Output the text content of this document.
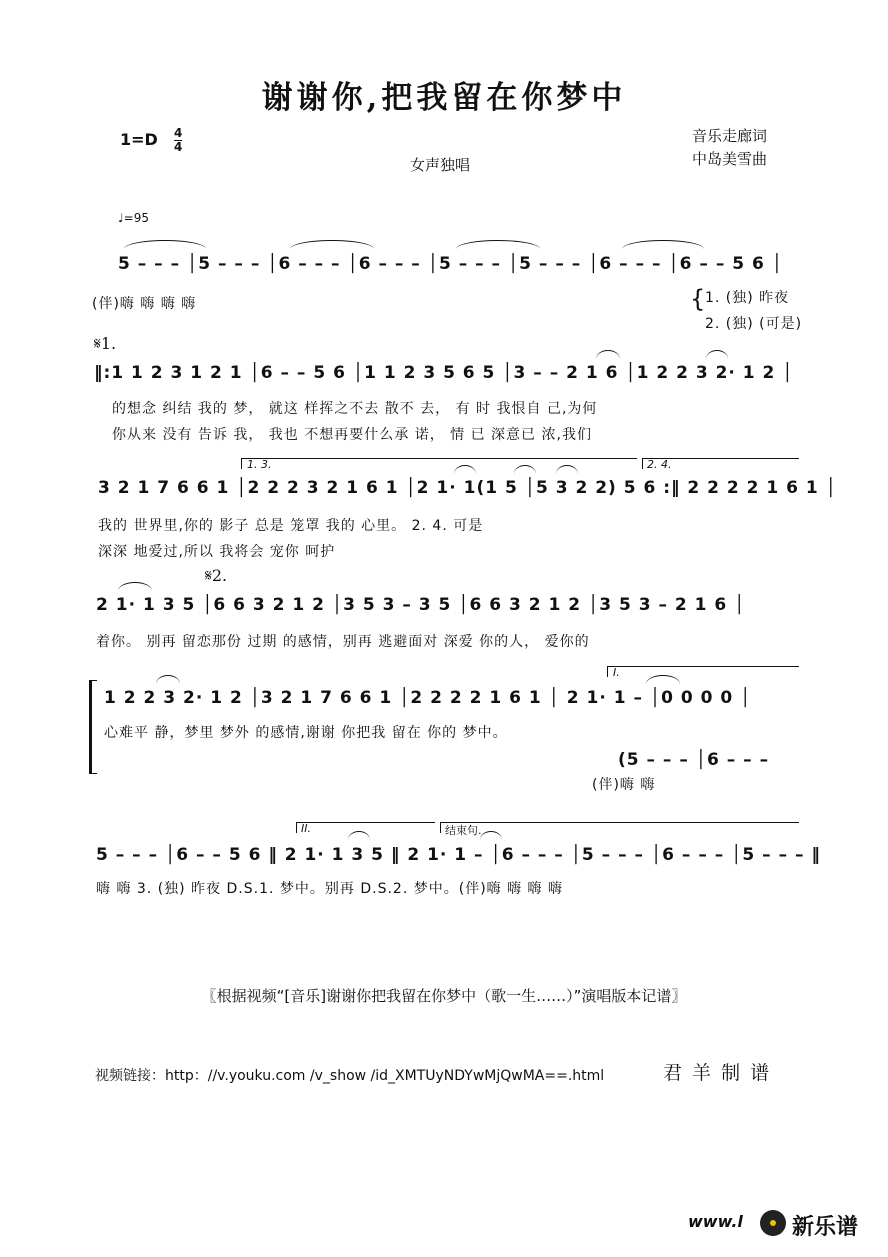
谢谢你,把我留在你梦中
1=D 4
4
女声独唱
音乐走廊词
中岛美雪曲
♩=95
5 – – – │5 – – – │6 – – – │6 – – – │5 – – – │5 – – – │6 – – – │6 – – 5 6 │
(伴)嗨 嗨 嗨 嗨	{ 1. (独) 昨夜
2. (独) (可是)
𝄋1.
‖:1 1 2 3 1 2 1 │6 – – 5 6 │1 1 2 3 5 6 5 │3 – – 2 1 6 │1 2 2 3 2· 1 2 │
的想念 纠结 我的 梦， 就这 样挥之不去 散不 去， 有 时 我恨自 己,为何
你从来 没有 告诉 我， 我也 不想再要什么承 诺， 情 已 深意已 浓,我们
1. 3.	2. 4.
3 2 1 7 6 6 1 │2 2 2 3 2 1 6 1 │2 1· 1(1 5 │5 3 2 2) 5 6 :‖ 2 2 2 2 1 6 1 │
我的 世界里,你的 影子 总是 笼罩 我的 心里。 2. 4. 可是
深深 地爱过,所以 我将会 宠你 呵护
𝄋2.
2 1· 1 3 5 │6 6 3 2 1 2 │3 5 3 – 3 5 │6 6 3 2 1 2 │3 5 3 – 2 1 6 │
着你。 别再 留恋那份 过期 的感情，别再 逃避面对 深爱 你的人， 爱你的
I.
1 2 2 3 2· 1 2 │3 2 1 7 6 6 1 │2 2 2 2 1 6 1 │ 2 1· 1 – │0 0 0 0 │
心难平 静，梦里 梦外 的感情,谢谢 你把我 留在 你的 梦中。
(5 – – – │6 – – –
(伴)嗨 嗨
II.	结束句.
5 – – – │6 – – 5 6 ‖ 2 1· 1 3 5 ‖ 2 1· 1 – │6 – – – │5 – – – │6 – – – │5 – – – ‖
嗨 嗨 3. (独) 昨夜 D.S.1. 梦中。别再 D.S.2. 梦中。(伴)嗨 嗨 嗨 嗨
〖根据视频“[音乐]谢谢你把我留在你梦中（歌一生……）”演唱版本记谱〗
视频链接：http：//v.youku.com /v_show /id_XMTUyNDYwMjQwMA==.html	君 羊 制 谱
www.l 新乐谱
